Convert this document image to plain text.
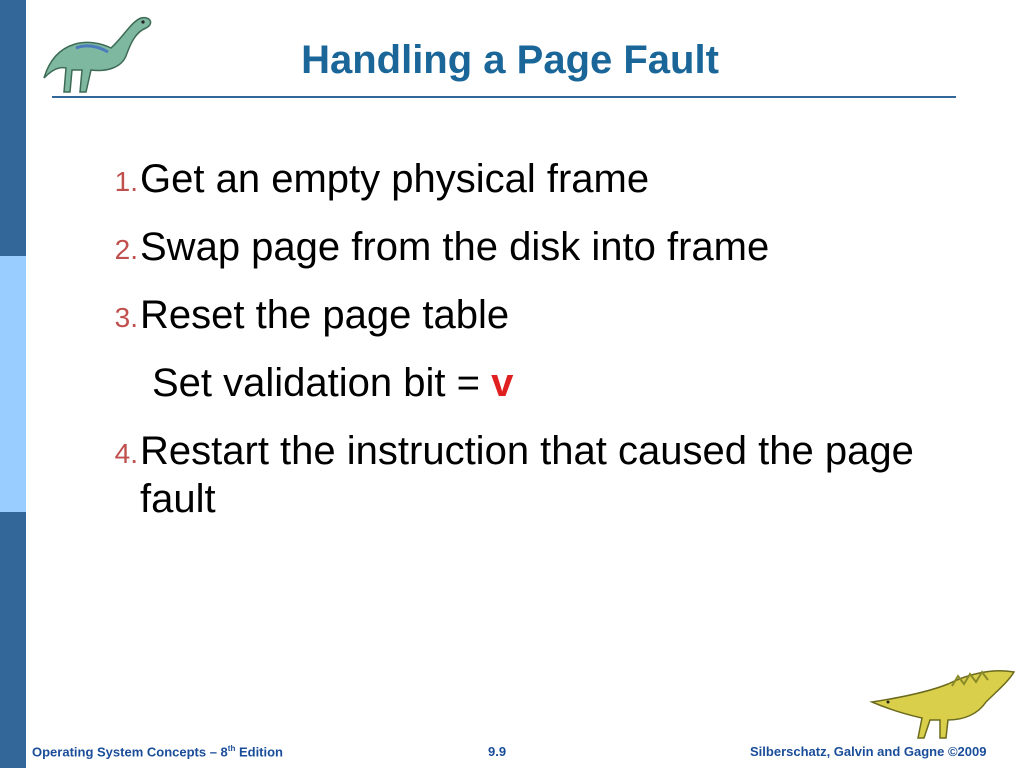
Handling a Page Fault
1. Get an empty physical frame
2. Swap page from the disk into frame
3. Reset the page table
Set validation bit = v
4. Restart the instruction that caused the page fault
Operating System Concepts – 8th Edition	9.9	Silberschatz, Galvin and Gagne ©2009
